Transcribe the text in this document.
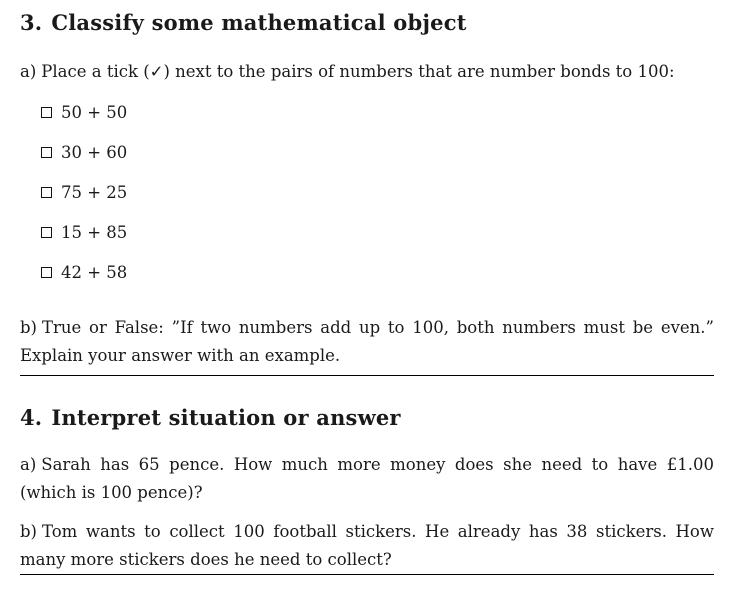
3. Classify some mathematical object
a) Place a tick (✓) next to the pairs of numbers that are number bonds to 100:
50 + 50
30 + 60
75 + 25
15 + 85
42 + 58
b) True or False: ”If two numbers add up to 100, both numbers must be even.” Explain your answer with an example.
4. Interpret situation or answer
a) Sarah has 65 pence. How much more money does she need to have £1.00 (which is 100 pence)?
b) Tom wants to collect 100 football stickers. He already has 38 stickers. How many more stickers does he need to collect?
